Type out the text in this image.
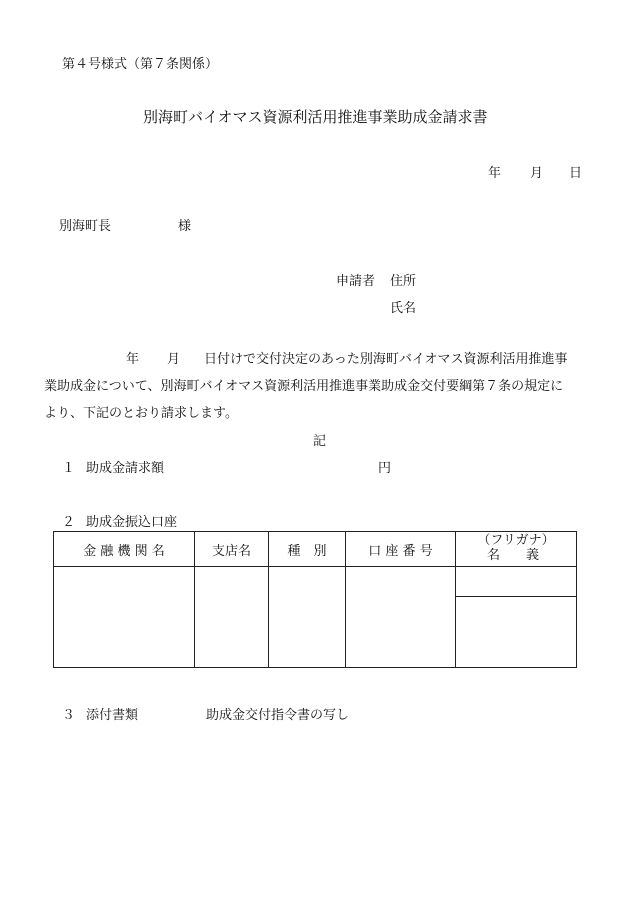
第４号様式（第７条関係）
別海町バイオマス資源利活用推進事業助成金請求書
年 月 日
別海町長	様
申請者 住所
氏名
年 月 日付けで交付決定のあった別海町バイオマス資源利活用推進事
業助成金について、別海町バイオマス資源利活用推進事業助成金交付要綱第７条の規定に
より、下記のとおり請求します。
記
１ 助成金請求額	円
２ 助成金振込口座
金 融 機 関 名	支店名	種　別	口 座 番 号	（フリガナ）
名義

３ 添付書類	助成金交付指令書の写し
